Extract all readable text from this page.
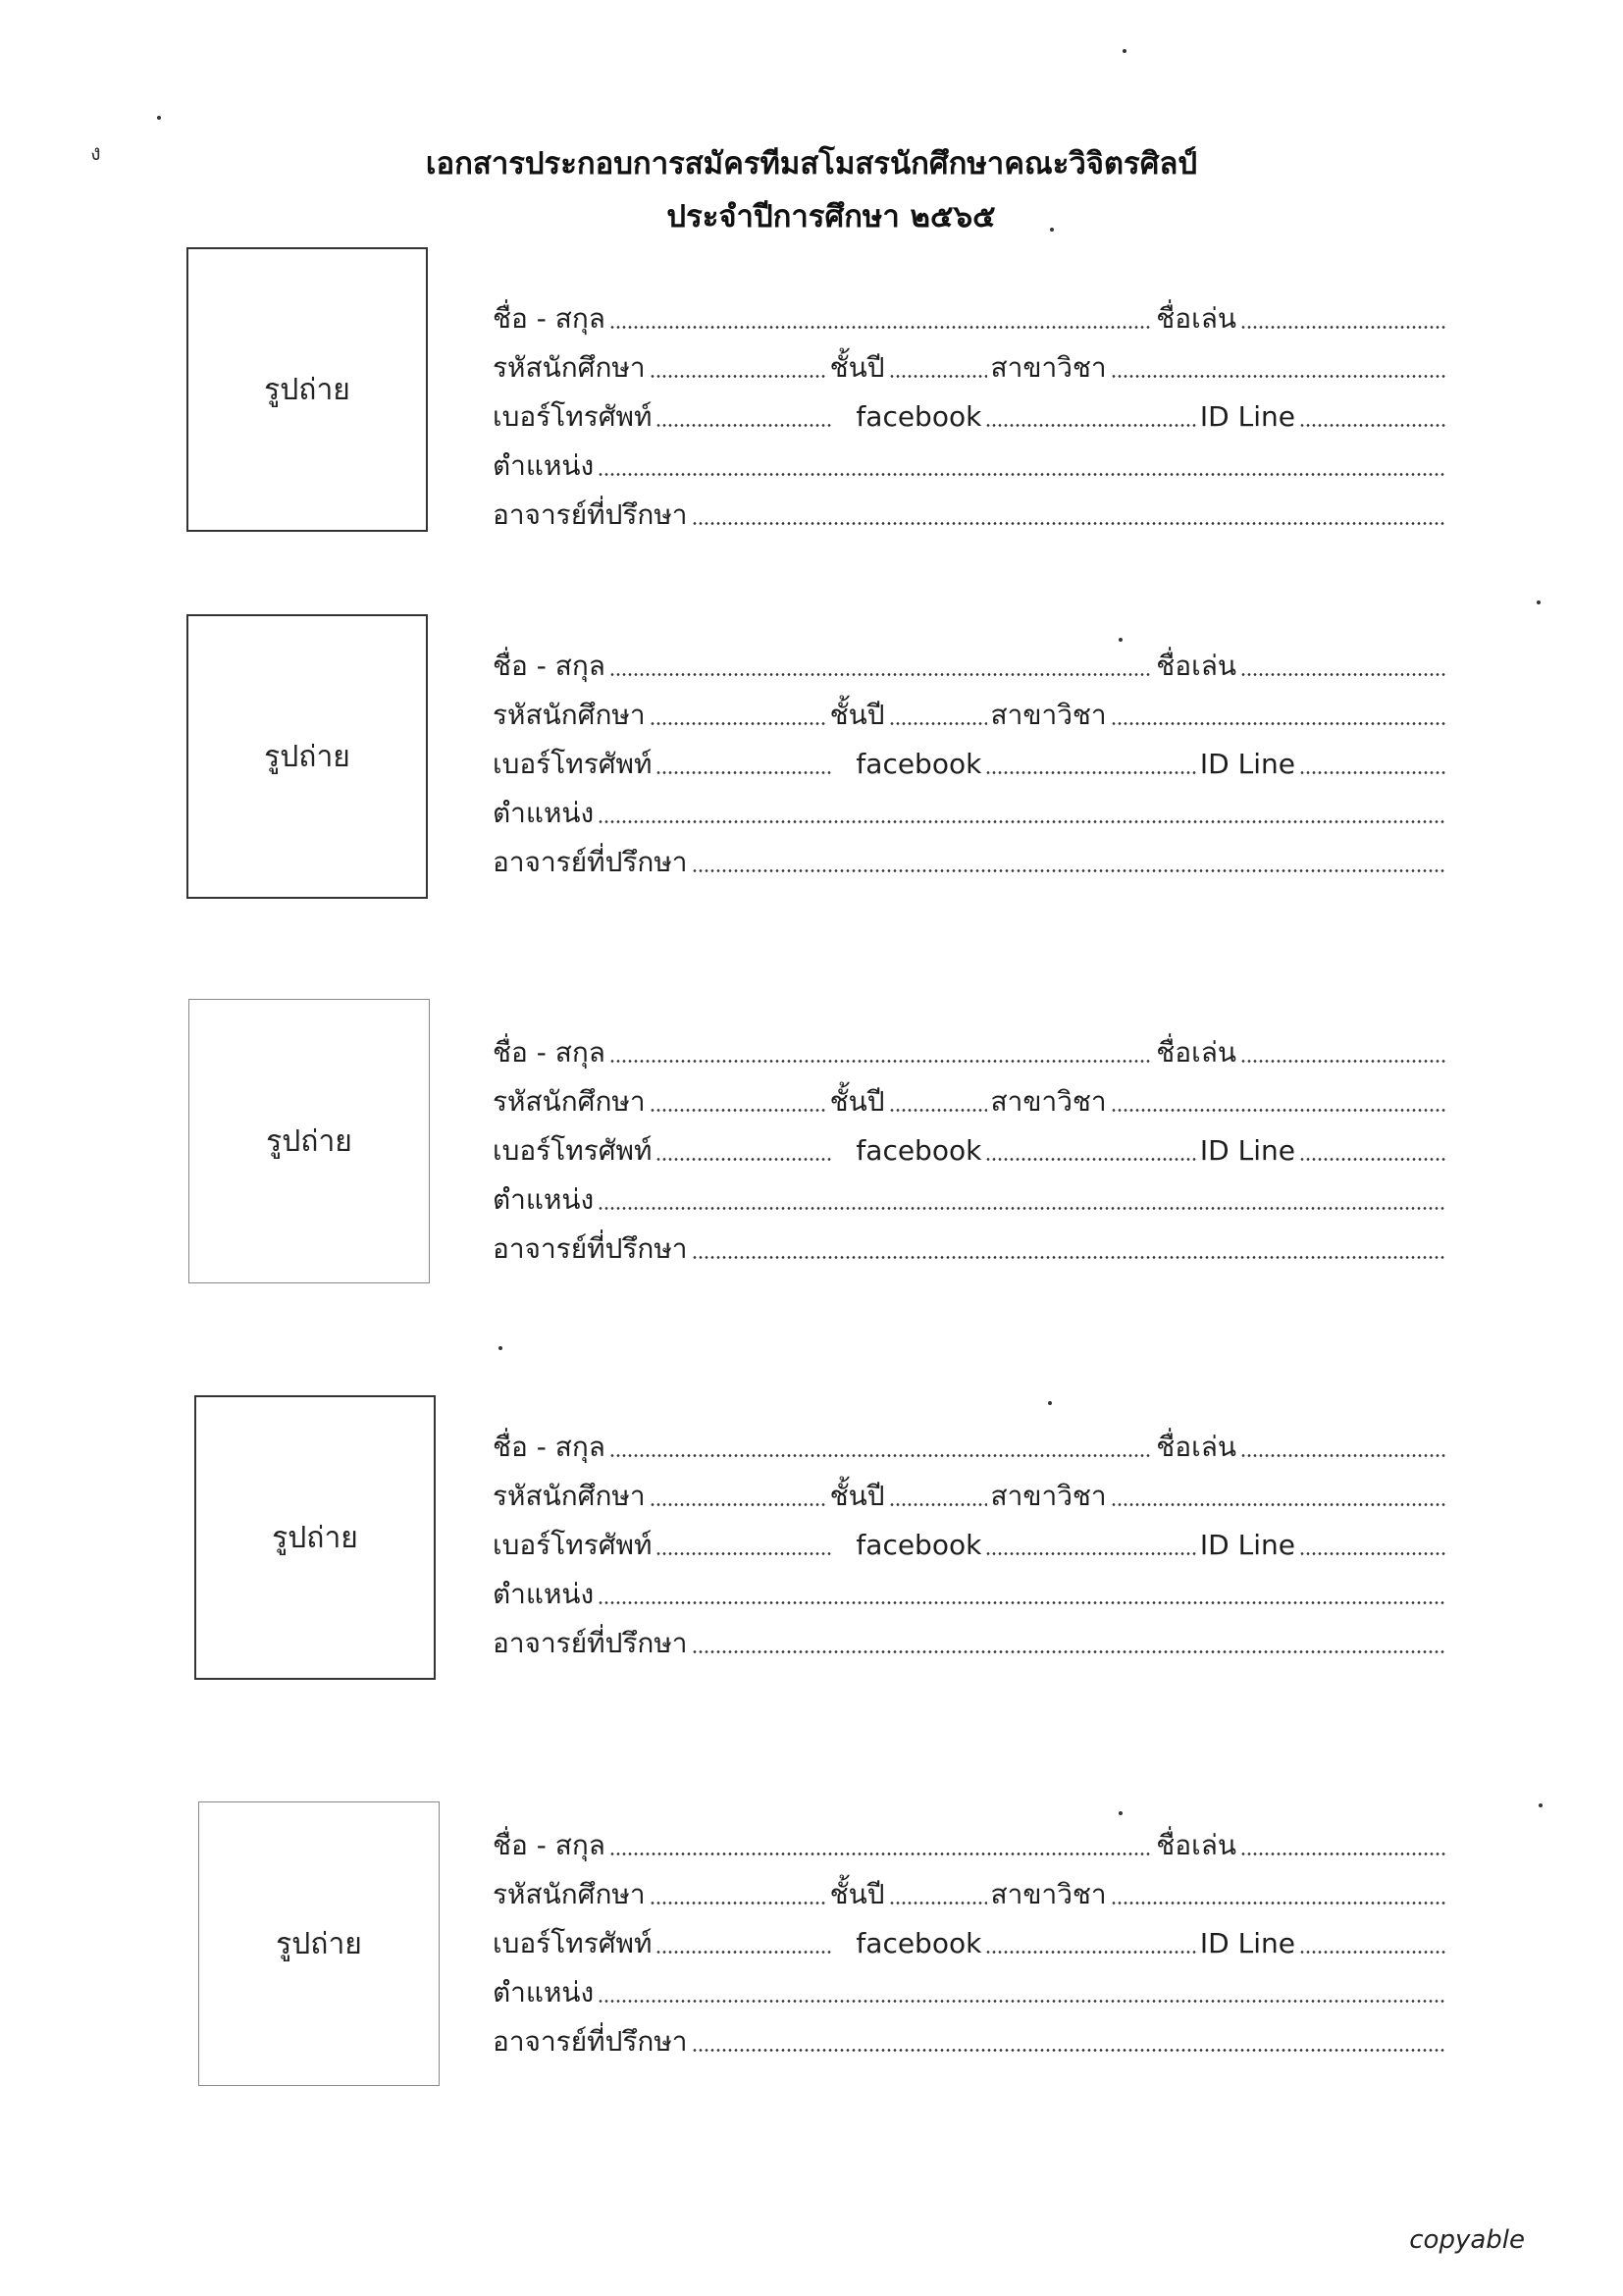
ง	เอกสารประกอบการสมัครทีมสโมสรนักศึกษาคณะวิจิตรศิลป์
ประจำปีการศึกษา ๒๕๖๕
รูปถ่าย
ชื่อ - สกุล	ชื่อเล่น
รหัสนักศึกษา	ชั้นปี	สาขาวิชา
เบอร์โทรศัพท์	facebook	ID Line
ตำแหน่ง
อาจารย์ที่ปรึกษา
รูปถ่าย
ชื่อ - สกุล	ชื่อเล่น
รหัสนักศึกษา	ชั้นปี	สาขาวิชา
เบอร์โทรศัพท์	facebook	ID Line
ตำแหน่ง
อาจารย์ที่ปรึกษา
รูปถ่าย
ชื่อ - สกุล	ชื่อเล่น
รหัสนักศึกษา	ชั้นปี	สาขาวิชา
เบอร์โทรศัพท์	facebook	ID Line
ตำแหน่ง
อาจารย์ที่ปรึกษา
รูปถ่าย
ชื่อ - สกุล	ชื่อเล่น
รหัสนักศึกษา	ชั้นปี	สาขาวิชา
เบอร์โทรศัพท์	facebook	ID Line
ตำแหน่ง
อาจารย์ที่ปรึกษา
รูปถ่าย
ชื่อ - สกุล	ชื่อเล่น
รหัสนักศึกษา	ชั้นปี	สาขาวิชา
เบอร์โทรศัพท์	facebook	ID Line
ตำแหน่ง
อาจารย์ที่ปรึกษา
copyable
